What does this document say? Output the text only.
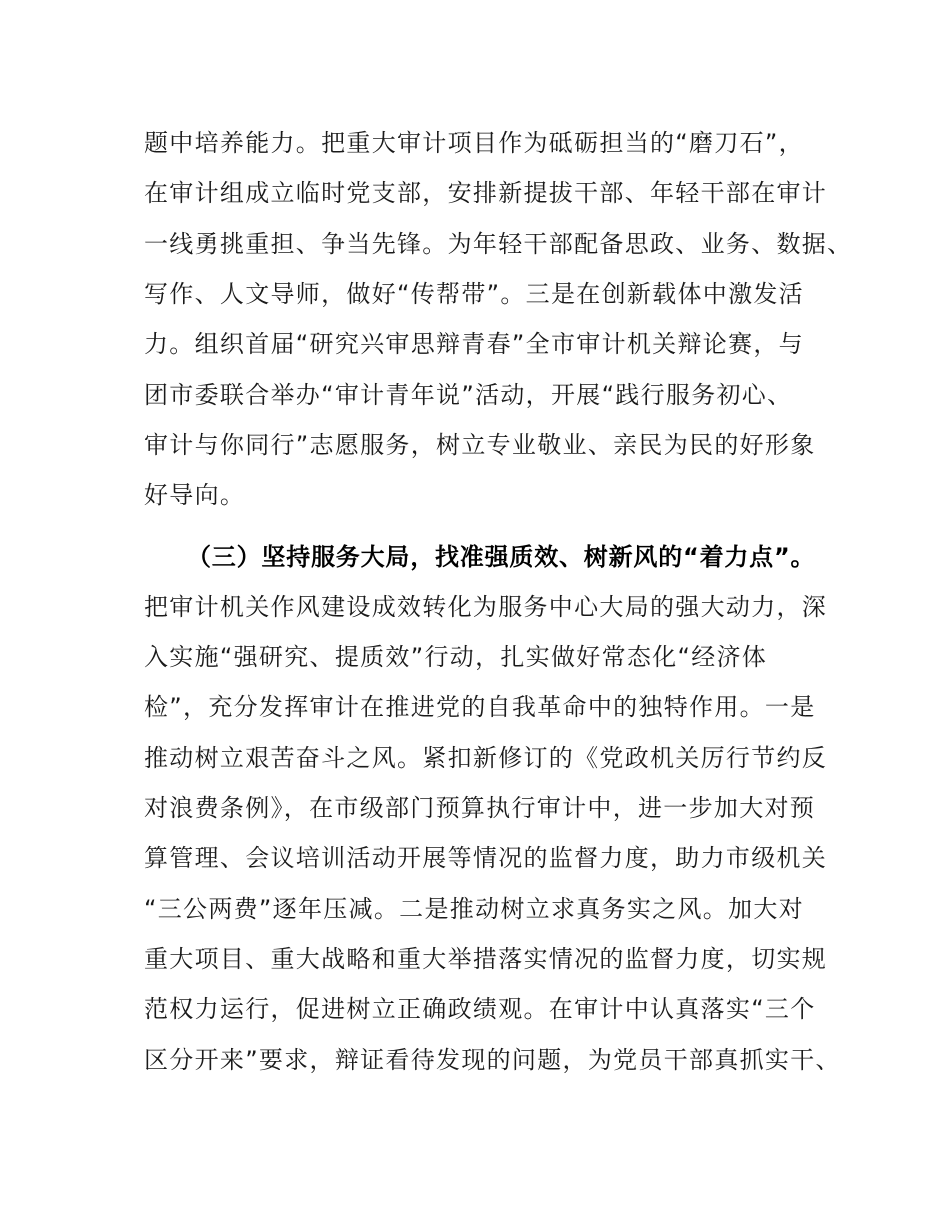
题中培养能力。把重大审计项目作为砥砺担当的“磨刀石”，
在审计组成立临时党支部，安排新提拔干部、年轻干部在审计
一线勇挑重担、争当先锋。为年轻干部配备思政、业务、数据、
写作、人文导师，做好“传帮带”。三是在创新载体中激发活
力。组织首届“研究兴审思辩青春”全市审计机关辩论赛，与
团市委联合举办“审计青年说”活动，开展“践行服务初心、
审计与你同行”志愿服务，树立专业敬业、亲民为民的好形象
好导向。
（三）坚持服务大局，找准强质效、树新风的“着力点”。
把审计机关作风建设成效转化为服务中心大局的强大动力，深
入实施“强研究、提质效”行动，扎实做好常态化“经济体
检”，充分发挥审计在推进党的自我革命中的独特作用。一是
推动树立艰苦奋斗之风。紧扣新修订的《党政机关厉行节约反
对浪费条例》，在市级部门预算执行审计中，进一步加大对预
算管理、会议培训活动开展等情况的监督力度，助力市级机关
“三公两费”逐年压减。二是推动树立求真务实之风。加大对
重大项目、重大战略和重大举措落实情况的监督力度，切实规
范权力运行，促进树立正确政绩观。在审计中认真落实“三个
区分开来”要求，辩证看待发现的问题，为党员干部真抓实干、
